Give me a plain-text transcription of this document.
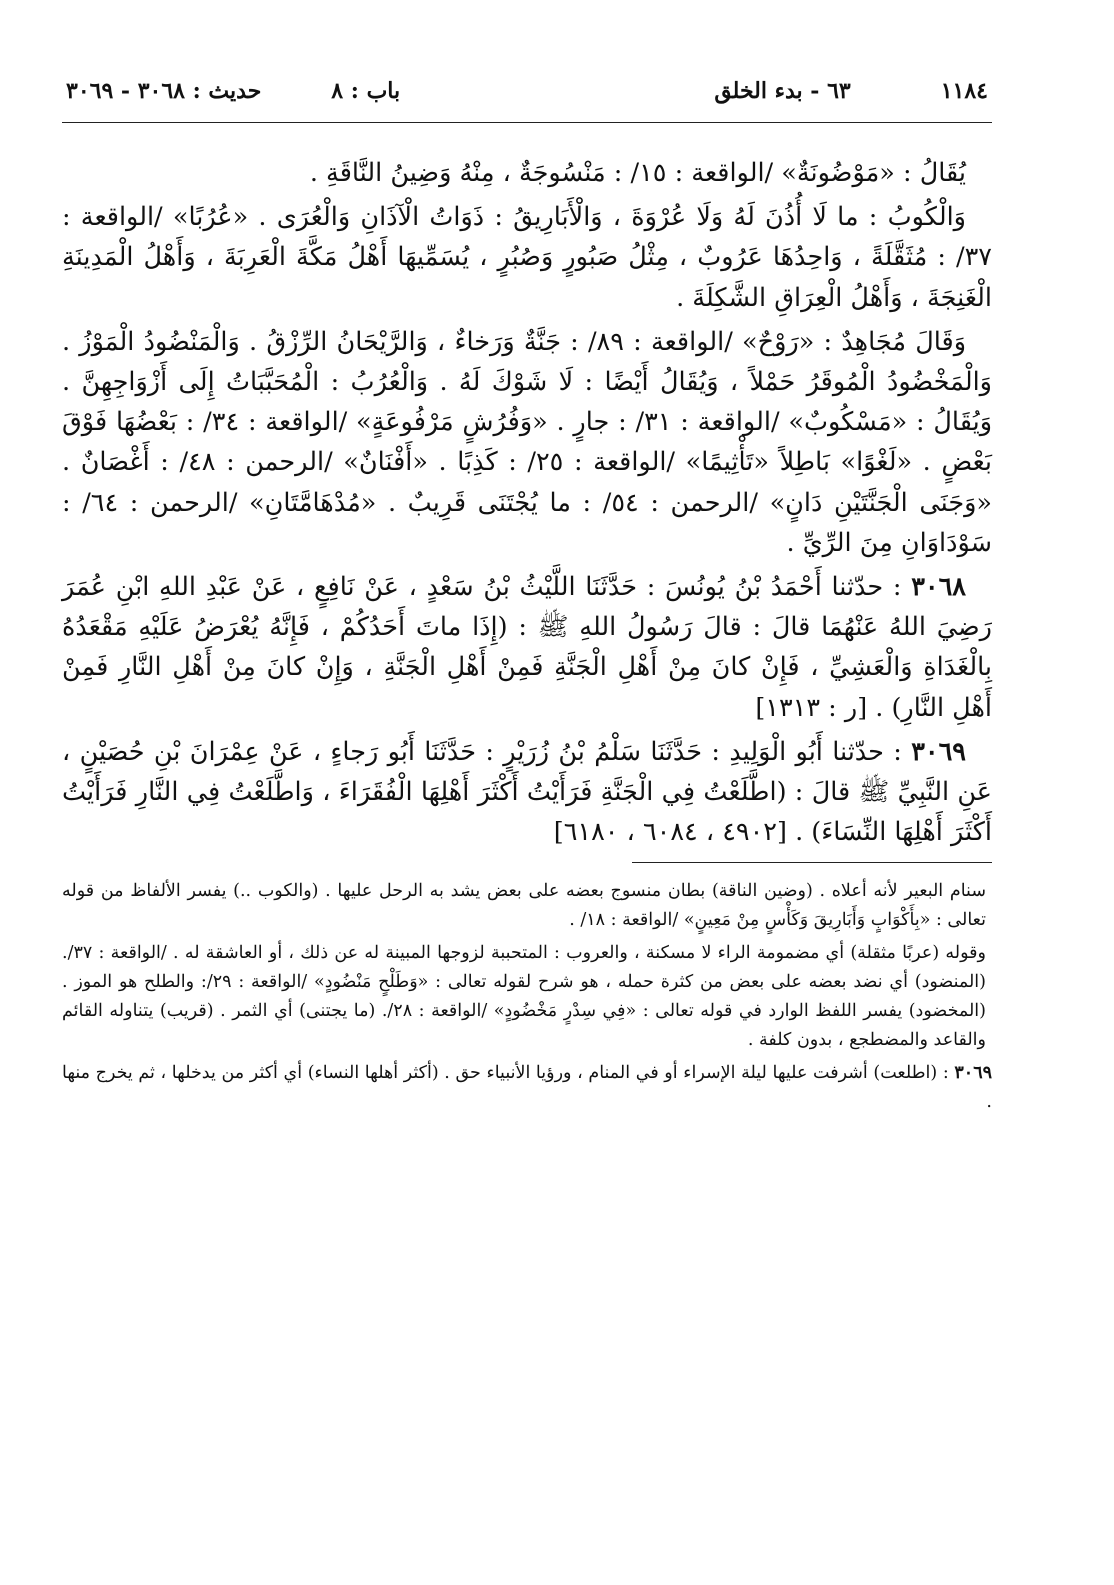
١١٨٤
٦٣ - بدء الخلق
باب : ٨
حديث : ٣٠٦٨ - ٣٠٦٩

يُقَالُ : «مَوْضُونَةٌ» /الواقعة : ١٥/ : مَنْسُوجَةٌ ، مِنْهُ وَضِينُ النَّاقَةِ .

وَالْكُوبُ : ما لَا أُذُنَ لَهُ وَلَا عُرْوَةَ ، وَالْأَبَارِيقُ : ذَوَاتُ الْآذَانِ وَالْعُرَى . «عُرُبًا» /الواقعة : ٣٧/ : مُثَقَّلَةً ، وَاحِدُهَا عَرُوبٌ ، مِثْلُ صَبُورٍ وَصُبُرٍ ، يُسَمِّيهَا أَهْلُ مَكَّةَ الْعَرِبَةَ ، وَأَهْلُ الْمَدِينَةِ الْغَنِجَةَ ، وَأَهْلُ الْعِرَاقِ الشَّكِلَةَ .

وَقَالَ مُجَاهِدٌ : «رَوْحٌ» /الواقعة : ٨٩/ : جَنَّةٌ وَرَخاءٌ ، وَالرَّيْحَانُ الرِّزْقُ . وَالْمَنْضُودُ الْمَوْزُ . وَالْمَخْضُودُ الْمُوقَرُ حَمْلاً ، وَيُقَالُ أَيْضًا : لَا شَوْكَ لَهُ . وَالْعُرُبُ : الْمُحَبَّبَاتُ إِلَى أَزْوَاجِهِنَّ . وَيُقَالُ : «مَسْكُوبٌ» /الواقعة : ٣١/ : جارٍ . «وَفُرُشٍ مَرْفُوعَةٍ» /الواقعة : ٣٤/ : بَعْضُهَا فَوْقَ بَعْضٍ . «لَغْوًا» بَاطِلاً «تَأْثِيمًا» /الواقعة : ٢٥/ : كَذِبًا . «أَفْنَانٌ» /الرحمن : ٤٨/ : أَغْصَانٌ . «وَجَنَى الْجَنَّتَيْنِ دَانٍ» /الرحمن : ٥٤/ : ما يُجْتَنَى قَرِيبٌ . «مُدْهَامَّتَانِ» /الرحمن : ٦٤/ : سَوْدَاوَانِ مِنَ الرِّيِّ .

٣٠٦٨ : حدّثنا أَحْمَدُ بْنُ يُونُسَ : حَدَّثَنَا اللَّيْثُ بْنُ سَعْدٍ ، عَنْ نَافِعٍ ، عَنْ عَبْدِ اللهِ ابْنِ عُمَرَ رَضِيَ اللهُ عَنْهُمَا قالَ : قالَ رَسُولُ اللهِ ﷺ : (إِذَا ماتَ أَحَدُكُمْ ، فَإِنَّهُ يُعْرَضُ عَلَيْهِ مَقْعَدُهُ بِالْغَدَاةِ وَالْعَشِيِّ ، فَإِنْ كانَ مِنْ أَهْلِ الْجَنَّةِ فَمِنْ أَهْلِ الْجَنَّةِ ، وَإِنْ كانَ مِنْ أَهْلِ النَّارِ فَمِنْ أَهْلِ النَّارِ) . [ر : ١٣١٣]

٣٠٦٩ : حدّثنا أَبُو الْوَلِيدِ : حَدَّثَنَا سَلْمُ بْنُ زُرَيْرٍ : حَدَّثَنَا أَبُو رَجاءٍ ، عَنْ عِمْرَانَ بْنِ حُصَيْنٍ ، عَنِ النَّبِيِّ ﷺ قالَ : (اطَّلَعْتُ فِي الْجَنَّةِ فَرَأَيْتُ أَكْثَرَ أَهْلِهَا الْفُقَرَاءَ ، وَاطَّلَعْتُ فِي النَّارِ فَرَأَيْتُ أَكْثَرَ أَهْلِهَا النِّسَاءَ) . [٤٩٠٢ ، ٦٠٨٤ ، ٦١٨٠]

سنام البعير لأنه أعلاه . (وضين الناقة) بطان منسوج بعضه على بعض يشد به الرحل عليها . (والكوب ..) يفسر الألفاظ من قوله تعالى : «بِأَكْوَابٍ وَأَبَارِيقَ وَكَأْسٍ مِنْ مَعِينٍ» /الواقعة : ١٨/ .

وقوله (عربًا مثقلة) أي مضمومة الراء لا مسكنة ، والعروب : المتحببة لزوجها المبينة له عن ذلك ، أو العاشقة له . /الواقعة : ٣٧/. (المنضود) أي نضد بعضه على بعض من كثرة حمله ، هو شرح لقوله تعالى : «وَطَلْحٍ مَنْضُودٍ» /الواقعة : ٢٩/: والطلح هو الموز . (المخضود) يفسر اللفظ الوارد في قوله تعالى : «فِي سِدْرٍ مَخْضُودٍ» /الواقعة : ٢٨/. (ما يجتنى) أي الثمر . (قريب) يتناوله القائم والقاعد والمضطجع ، بدون كلفة .

٣٠٦٩ : (اطلعت) أشرفت عليها ليلة الإسراء أو في المنام ، ورؤيا الأنبياء حق . (أكثر أهلها النساء) أي أكثر من يدخلها ، ثم يخرج منها .
